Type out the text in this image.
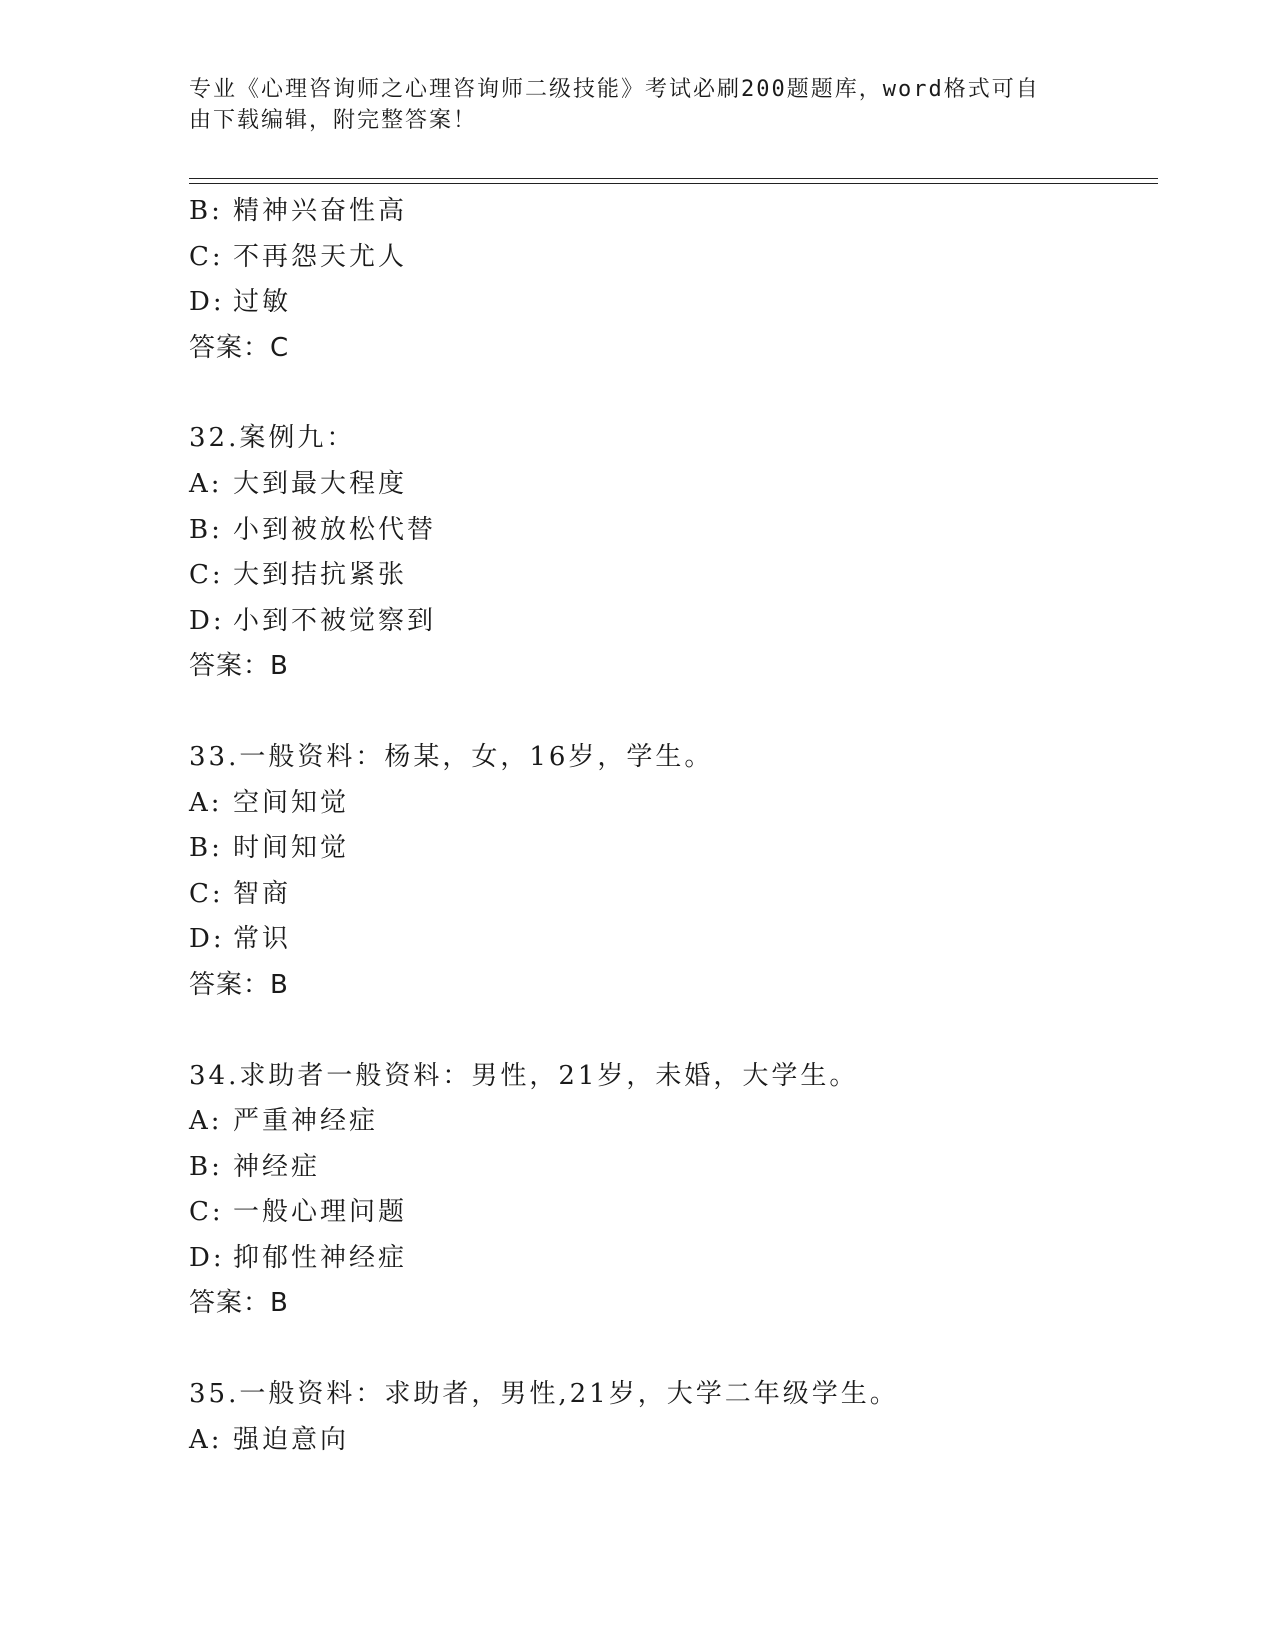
专业《心理咨询师之心理咨询师二级技能》考试必刷200题题库，word格式可自
由下载编辑，附完整答案！
B: 精神兴奋性高
C: 不再怨天尤人
D: 过敏
答案：C
32.案例九：
A: 大到最大程度
B: 小到被放松代替
C: 大到拮抗紧张
D: 小到不被觉察到
答案：B
33.一般资料：杨某，女，16岁，学生。
A: 空间知觉
B: 时间知觉
C: 智商
D: 常识
答案：B
34.求助者一般资料：男性，21岁，未婚，大学生。
A: 严重神经症
B: 神经症
C: 一般心理问题
D: 抑郁性神经症
答案：B
35.一般资料：求助者，男性,21岁，大学二年级学生。
A: 强迫意向
